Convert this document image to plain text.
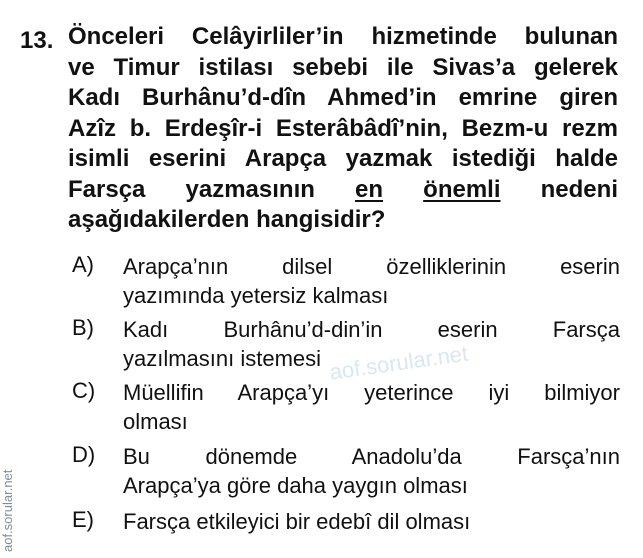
13. Önceleri Celâyirliler’in hizmetinde bulunan
ve Timur istilası sebebi ile Sivas’a gelerek
Kadı Burhânu’d-dîn Ahmed’in emrine giren
Azîz b. Erdeşîr-i Esterâbâdî’nin, Bezm-u rezm
isimli eserini Arapça yazmak istediği halde
Farsça yazmasının en önemli nedeni
aşağıdakilerden hangisidir?
A)	Arapça’nın dilsel özelliklerinin eserin
yazımında yetersiz kalması
B)	Kadı Burhânu’d-din’in eserin Farsça
yazılmasını istemesi
C)	Müellifin Arapça’yı yeterince iyi bilmiyor
olması
D)	Bu dönemde Anadolu’da Farsça’nın
Arapça’ya göre daha yaygın olması
E)	Farsça etkileyici bir edebî dil olması
aof.sorular.net
aof.sorular.net
